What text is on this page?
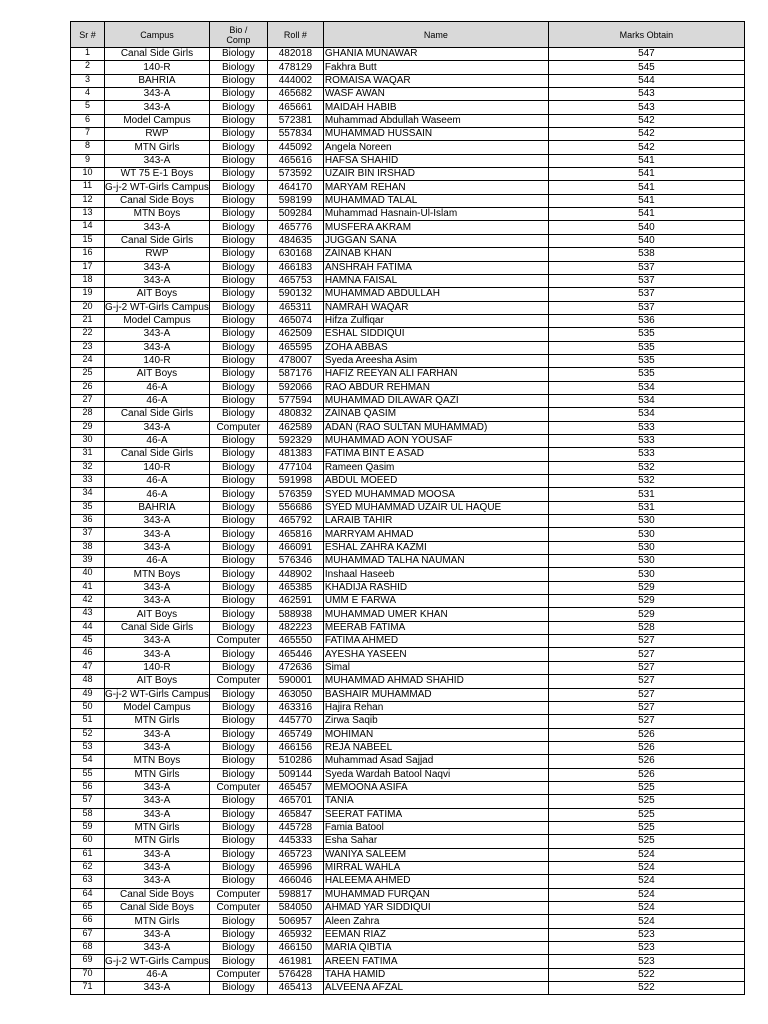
Sr #	Campus	Bio /
Comp	Roll #	Name	Marks Obtain
1	Canal Side Girls	Biology	482018	GHANIA MUNAWAR	547
2	140-R	Biology	478129	Fakhra Butt	545
3	BAHRIA	Biology	444002	ROMAISA WAQAR	544
4	343-A	Biology	465682	WASF AWAN	543
5	343-A	Biology	465661	MAIDAH HABIB	543
6	Model Campus	Biology	572381	Muhammad Abdullah Waseem	542
7	RWP	Biology	557834	MUHAMMAD HUSSAIN	542
8	MTN Girls	Biology	445092	Angela Noreen	542
9	343-A	Biology	465616	HAFSA SHAHID	541
10	WT 75 E-1 Boys	Biology	573592	UZAIR BIN IRSHAD	541
11	G-j-2 WT-Girls Campus	Biology	464170	MARYAM REHAN	541
12	Canal Side Boys	Biology	598199	MUHAMMAD TALAL	541
13	MTN Boys	Biology	509284	Muhammad Hasnain-Ul-Islam	541
14	343-A	Biology	465776	MUSFERA AKRAM	540
15	Canal Side Girls	Biology	484635	JUGGAN SANA	540
16	RWP	Biology	630168	ZAINAB KHAN	538
17	343-A	Biology	466183	ANSHRAH FATIMA	537
18	343-A	Biology	465753	HAMNA FAISAL	537
19	AIT Boys	Biology	590132	MUHAMMAD ABDULLAH	537
20	G-j-2 WT-Girls Campus	Biology	465311	NAMRAH WAQAR	537
21	Model Campus	Biology	465074	Hifza Zulfiqar	536
22	343-A	Biology	462509	ESHAL SIDDIQUI	535
23	343-A	Biology	465595	ZOHA ABBAS	535
24	140-R	Biology	478007	Syeda Areesha Asim	535
25	AIT Boys	Biology	587176	HAFIZ REEYAN ALI FARHAN	535
26	46-A	Biology	592066	RAO ABDUR REHMAN	534
27	46-A	Biology	577594	MUHAMMAD DILAWAR QAZI	534
28	Canal Side Girls	Biology	480832	ZAINAB QASIM	534
29	343-A	Computer	462589	ADAN (RAO SULTAN MUHAMMAD)	533
30	46-A	Biology	592329	MUHAMMAD AON YOUSAF	533
31	Canal Side Girls	Biology	481383	FATIMA BINT E ASAD	533
32	140-R	Biology	477104	Rameen Qasim	532
33	46-A	Biology	591998	ABDUL MOEED	532
34	46-A	Biology	576359	SYED MUHAMMAD MOOSA	531
35	BAHRIA	Biology	556686	SYED MUHAMMAD UZAIR UL HAQUE	531
36	343-A	Biology	465792	LARAIB TAHIR	530
37	343-A	Biology	465816	MARRYAM AHMAD	530
38	343-A	Biology	466091	ESHAL ZAHRA KAZMI	530
39	46-A	Biology	576346	MUHAMMAD TALHA NAUMAN	530
40	MTN Boys	Biology	448902	Inshaal Haseeb	530
41	343-A	Biology	465385	KHADIJA RASHID	529
42	343-A	Biology	462591	UMM E FARWA	529
43	AIT Boys	Biology	588938	MUHAMMAD UMER KHAN	529
44	Canal Side Girls	Biology	482223	MEERAB FATIMA	528
45	343-A	Computer	465550	FATIMA AHMED	527
46	343-A	Biology	465446	AYESHA YASEEN	527
47	140-R	Biology	472636	Simal	527
48	AIT Boys	Computer	590001	MUHAMMAD AHMAD SHAHID	527
49	G-j-2 WT-Girls Campus	Biology	463050	BASHAIR MUHAMMAD	527
50	Model Campus	Biology	463316	Hajira Rehan	527
51	MTN Girls	Biology	445770	Zirwa Saqib	527
52	343-A	Biology	465749	MOHIMAN	526
53	343-A	Biology	466156	REJA NABEEL	526
54	MTN Boys	Biology	510286	Muhammad Asad Sajjad	526
55	MTN Girls	Biology	509144	Syeda Wardah Batool Naqvi	526
56	343-A	Computer	465457	MEMOONA ASIFA	525
57	343-A	Biology	465701	TANIA	525
58	343-A	Biology	465847	SEERAT FATIMA	525
59	MTN Girls	Biology	445728	Famia Batool	525
60	MTN Girls	Biology	445333	Esha Sahar	525
61	343-A	Biology	465723	WANIYA SALEEM	524
62	343-A	Biology	465996	MIRRAL WAHLA	524
63	343-A	Biology	466046	HALEEMA AHMED	524
64	Canal Side Boys	Computer	598817	MUHAMMAD FURQAN	524
65	Canal Side Boys	Computer	584050	AHMAD YAR SIDDIQUI	524
66	MTN Girls	Biology	506957	Aleen Zahra	524
67	343-A	Biology	465932	EEMAN RIAZ	523
68	343-A	Biology	466150	MARIA QIBTIA	523
69	G-j-2 WT-Girls Campus	Biology	461981	AREEN FATIMA	523
70	46-A	Computer	576428	TAHA HAMID	522
71	343-A	Biology	465413	ALVEENA AFZAL	522
